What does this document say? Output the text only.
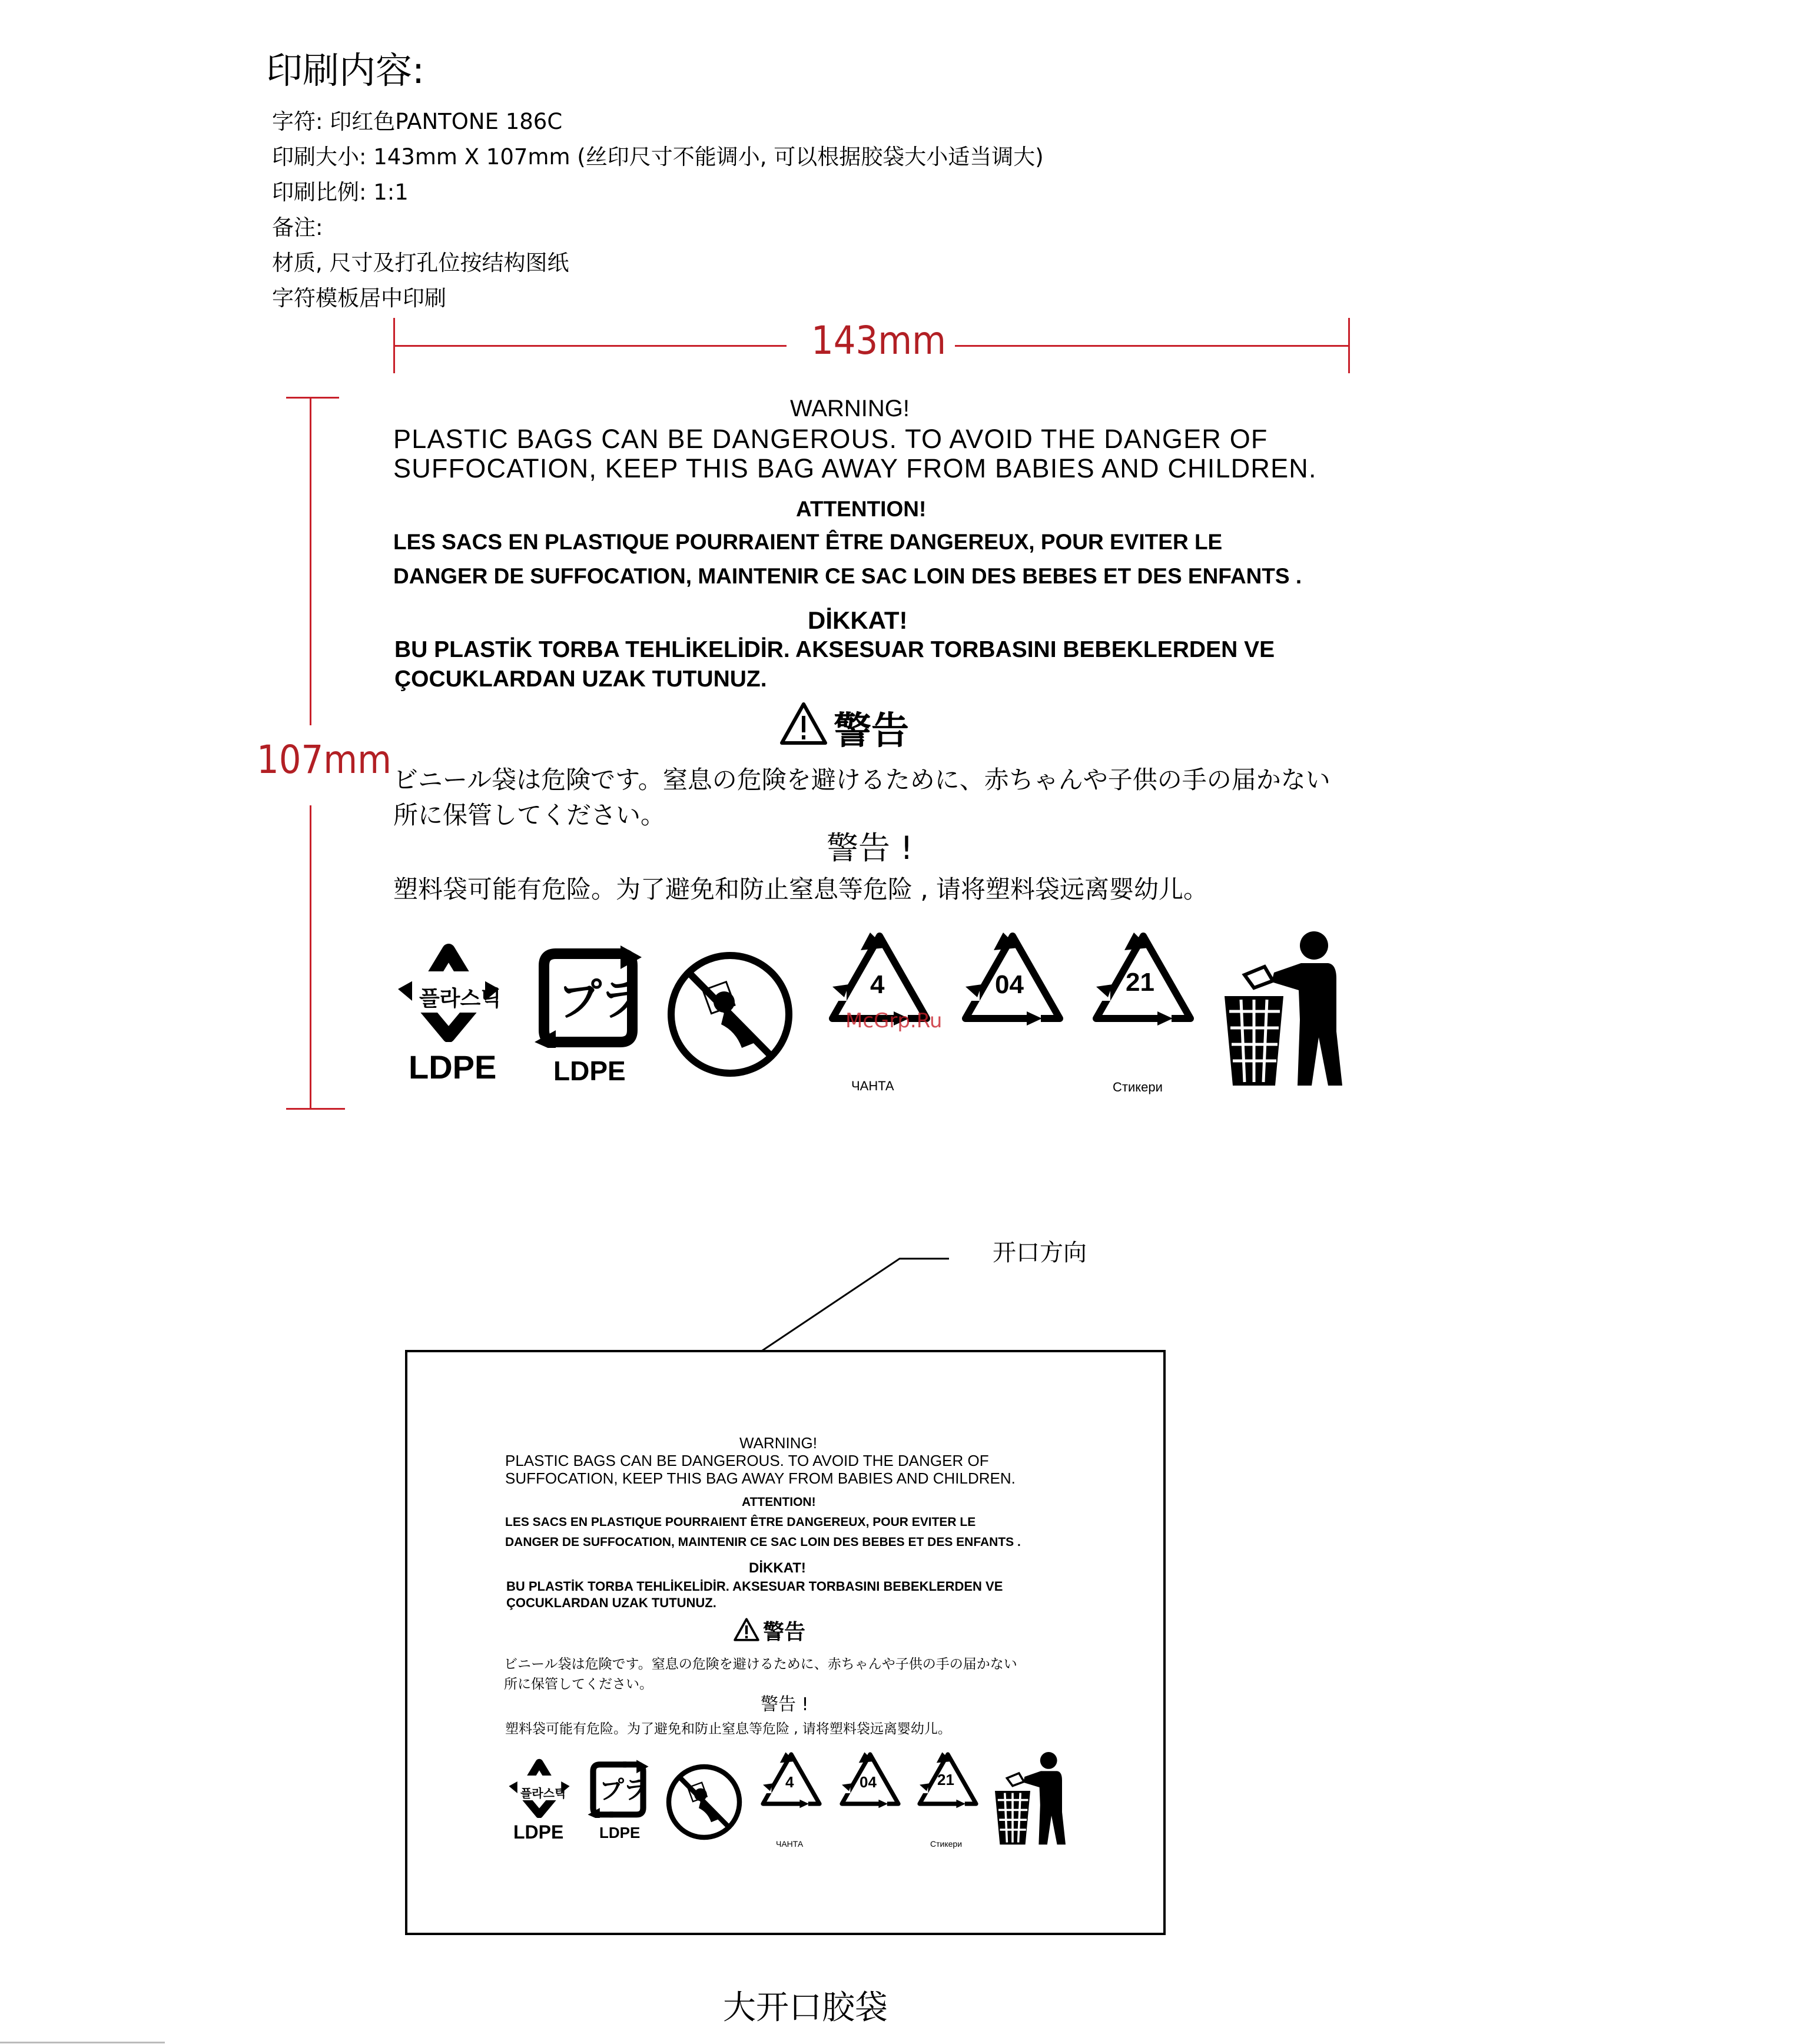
印刷内容:
字符: 印红色PANTONE 186C
印刷大小: 143mm X 107mm (丝印尺寸不能调小, 可以根据胶袋大小适当调大)
印刷比例: 1:1
备注:
材质, 尺寸及打孔位按结构图纸
字符模板居中印刷
143mm
107mm
WARNING!
PLASTIC BAGS CAN BE DANGEROUS. TO AVOID THE DANGER OF
SUFFOCATION, KEEP THIS BAG AWAY FROM BABIES AND CHILDREN.
ATTENTION!
LES SACS EN PLASTIQUE POURRAIENT ÊTRE DANGEREUX, POUR EVITER LE
DANGER DE SUFFOCATION, MAINTENIR CE SAC LOIN DES BEBES ET DES ENFANTS .
DİKKAT!
BU PLASTİK TORBA TEHLİKELİDİR. AKSESUAR TORBASINI BEBEKLERDEN VE
ÇOCUKLARDAN UZAK TUTUNUZ.
警告
ビニール袋は危険です。窒息の危険を避けるために、赤ちゃんや子供の手の届かない
所に保管してください。
警告 !
塑料袋可能有危险。为了避免和防止窒息等危险 , 请将塑料袋远离婴幼儿。
플라스틱
LDPE
プラ
LDPE
4
ЧАНТА
04	21
Стикери
McGrp.Ru
开口方向
WARNING!
PLASTIC BAGS CAN BE DANGEROUS. TO AVOID THE DANGER OF
SUFFOCATION, KEEP THIS BAG AWAY FROM BABIES AND CHILDREN.
ATTENTION!
LES SACS EN PLASTIQUE POURRAIENT ÊTRE DANGEREUX, POUR EVITER LE
DANGER DE SUFFOCATION, MAINTENIR CE SAC LOIN DES BEBES ET DES ENFANTS .
DİKKAT!
BU PLASTİK TORBA TEHLİKELİDİR. AKSESUAR TORBASINI BEBEKLERDEN VE
ÇOCUKLARDAN UZAK TUTUNUZ.
警告
ビニール袋は危険です。窒息の危険を避けるために、赤ちゃんや子供の手の届かない
所に保管してください。
警告 !
塑料袋可能有危险。为了避免和防止窒息等危险 , 请将塑料袋远离婴幼儿。
플라스틱
LDPE
プラ
LDPE
4
ЧАНТА
04	21
Стикери
大开口胶袋
